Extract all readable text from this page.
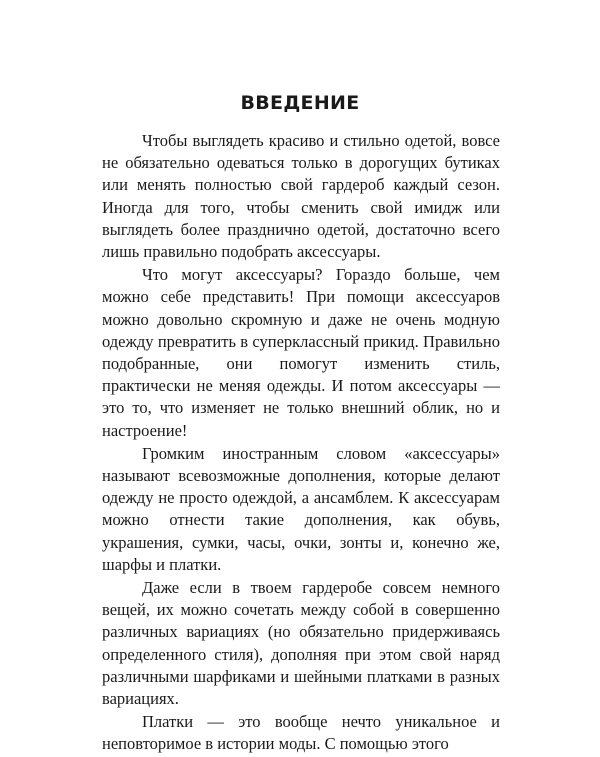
ВВЕДЕНИЕ

Чтобы выглядеть красиво и стильно одетой, вовсе не обязательно одеваться только в дорогущих бутиках или менять полностью свой гардероб каждый сезон. Иногда для того, чтобы сменить свой имидж или выглядеть более празднично одетой, достаточно всего лишь правильно подобрать аксессуары.

Что могут аксессуары? Гораздо больше, чем можно себе представить! При помощи аксессуаров можно довольно скромную и даже не очень модную одежду превратить в суперклассный прикид. Правильно подобранные, они помогут изменить стиль, практически не меняя одежды. И потом аксессуары — это то, что изменяет не только внешний облик, но и настроение!

Громким иностранным словом «аксессуары» называют всевозможные дополнения, которые делают одежду не просто одеждой, а ансамблем. К аксессуарам можно отнести такие дополнения, как обувь, украшения, сумки, часы, очки, зонты и, конечно же, шарфы и платки.

Даже если в твоем гардеробе совсем немного вещей, их можно сочетать между собой в совершенно различных вариациях (но обязательно придерживаясь определенного стиля), дополняя при этом свой наряд различными шарфиками и шейными платками в разных вариациях.

Платки — это вообще нечто уникальное и неповторимое в истории моды. С помощью этого
